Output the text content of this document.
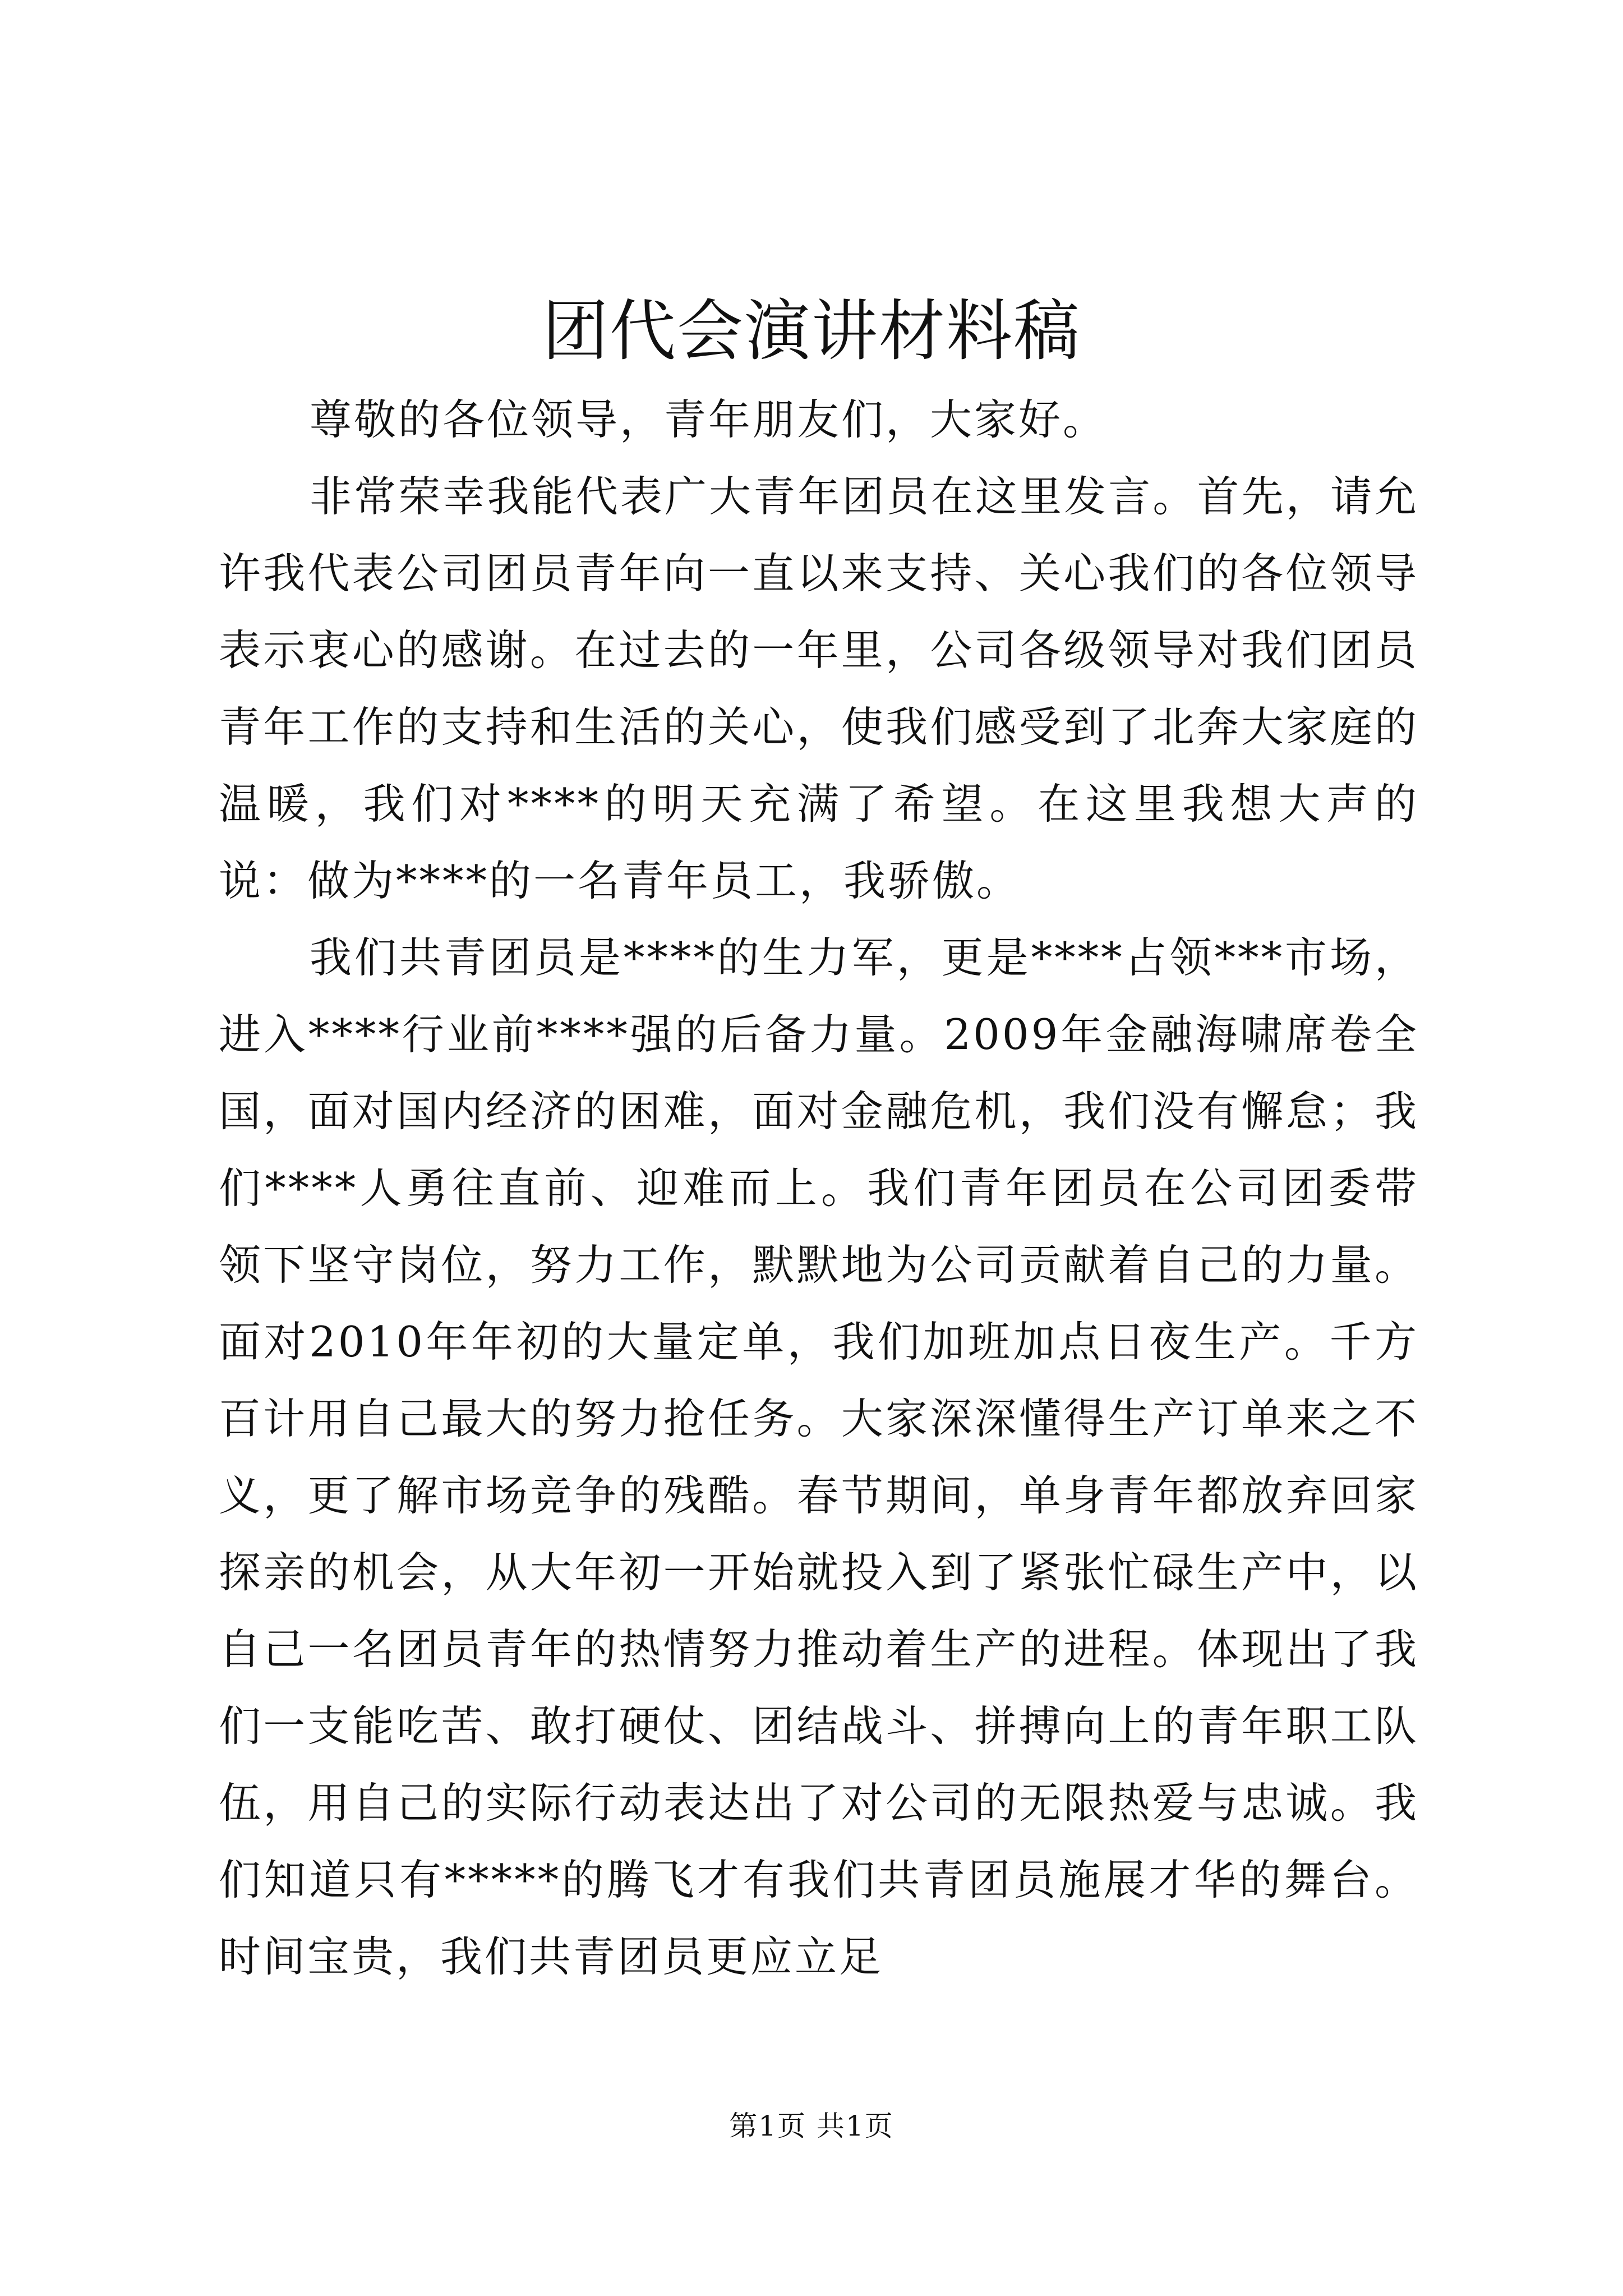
团代会演讲材料稿

尊敬的各位领导，青年朋友们，大家好。

非常荣幸我能代表广大青年团员在这里发言。首先，请允许我代表公司团员青年向一直以来支持、关心我们的各位领导表示衷心的感谢。在过去的一年里，公司各级领导对我们团员青年工作的支持和生活的关心，使我们感受到了北奔大家庭的温暖，我们对****的明天充满了希望。在这里我想大声的说：做为****的一名青年员工，我骄傲。

我们共青团员是****的生力军，更是****占领***市场，进入****行业前****强的后备力量。2009年金融海啸席卷全国，面对国内经济的困难，面对金融危机，我们没有懈怠；我们****人勇往直前、迎难而上。我们青年团员在公司团委带领下坚守岗位，努力工作，默默地为公司贡献着自己的力量。面对2010年年初的大量定单，我们加班加点日夜生产。千方百计用自己最大的努力抢任务。大家深深懂得生产订单来之不义，更了解市场竞争的残酷。春节期间，单身青年都放弃回家探亲的机会，从大年初一开始就投入到了紧张忙碌生产中，以自己一名团员青年的热情努力推动着生产的进程。体现出了我们一支能吃苦、敢打硬仗、团结战斗、拼搏向上的青年职工队伍，用自己的实际行动表达出了对公司的无限热爱与忠诚。我们知道只有*****的腾飞才有我们共青团员施展才华的舞台。时间宝贵，我们共青团员更应立足

第1页 共1页
